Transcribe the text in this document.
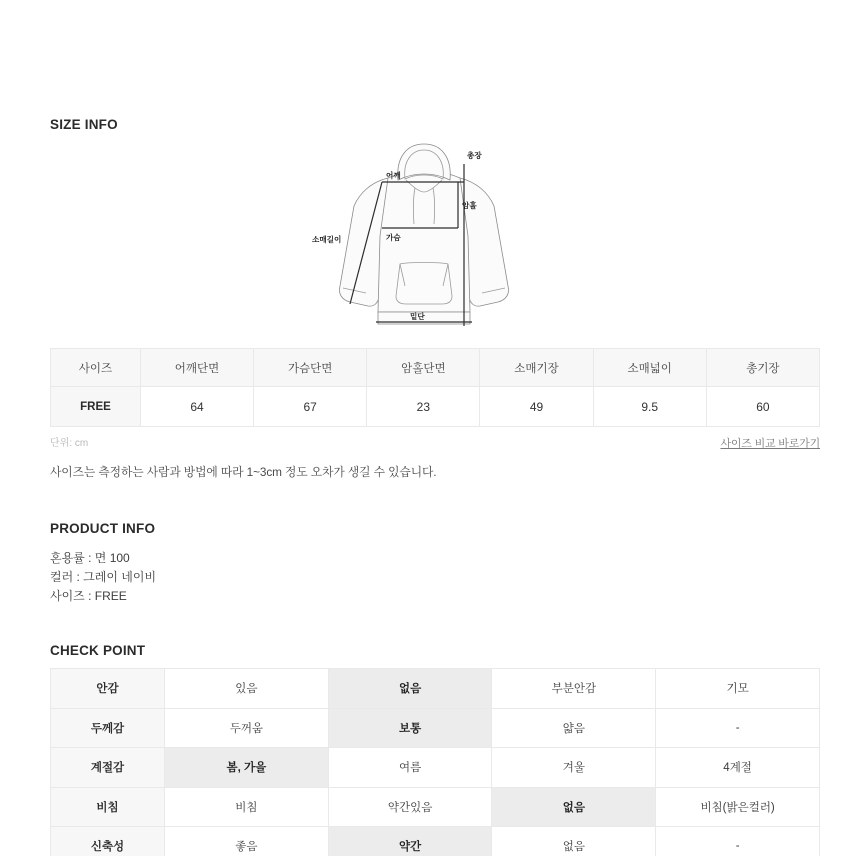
SIZE INFO
총장
어깨
암홀
가슴
소매길이
밑단
사이즈	어깨단면	가슴단면	암홀단면	소매기장	소매넓이	총기장
FREE	64	67	23	49	9.5	60
단위: cm	사이즈 비교 바로가기
사이즈는 측정하는 사람과 방법에 따라 1~3cm 정도 오차가 생길 수 있습니다.
PRODUCT INFO
혼용률 : 면 100
컬러 : 그레이 네이비
사이즈 : FREE
CHECK POINT
안감	있음	없음	부분안감	기모
두께감	두꺼움	보통	얇음	-
계절감	봄, 가을	여름	겨울	4계절
비침	비침	약간있음	없음	비침(밝은컬러)
신축성	좋음	약간	없음	-
